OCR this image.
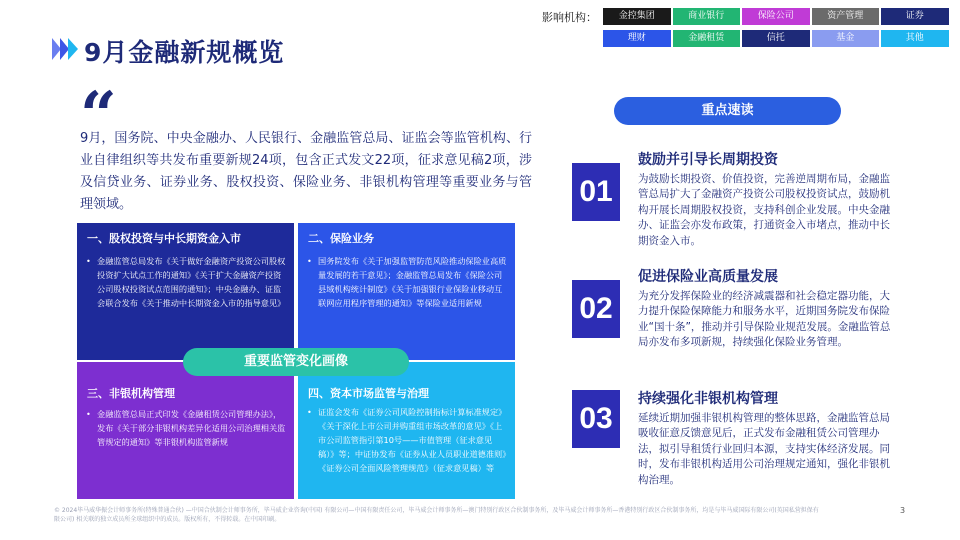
9月金融新规概览
影响机构：	金控集团	商业银行	保险公司	资产管理	证券
理财	金融租赁	信托	基金	其他
“
9月，国务院、中央金融办、人民银行、金融监管总局、证监会等监管机构、行业自律组织等共发布重要新规24项，包含正式发文22项，征求意见稿2项，涉及信贷业务、证券业务、股权投资、保险业务、非银机构管理等重要业务与管理领域。
一、股权投资与中长期资金入市
• 金融监管总局发布《关于做好金融资产投资公司股权投资扩大试点工作的通知》《关于扩大金融资产投资公司股权投资试点范围的通知》；中央金融办、证监会联合发布《关于推动中长期资金入市的指导意见》
二、保险业务
• 国务院发布《关于加强监管防范风险推动保险业高质量发展的若干意见》；金融监管总局发布《保险公司县域机构统计制度》《关于加强银行业保险业移动互联网应用程序管理的通知》等保险业适用新规
三、非银机构管理
• 金融监管总局正式印发《金融租赁公司管理办法》，发布《关于部分非银机构差异化适用公司治理相关监管规定的通知》等非银机构监管新规
四、资本市场监管与治理
• 证监会发布《证券公司风险控制指标计算标准规定》《关于深化上市公司并购重组市场改革的意见》《上市公司监管指引第10号——市值管理（征求意见稿）》等；中证协发布《证券从业人员职业道德准则》《证券公司全面风险管理规范》（征求意见稿）等
重要监管变化画像
重点速读
01
鼓励并引导长周期投资
为鼓励长期投资、价值投资，完善逆周期布局，金融监管总局扩大了金融资产投资公司股权投资试点，鼓励机构开展长周期股权投资，支持科创企业发展。中央金融办、证监会亦发布政策，打通资金入市堵点，推动中长期资金入市。
02
促进保险业高质量发展
为充分发挥保险业的经济减震器和社会稳定器功能，大力提升保险保障能力和服务水平，近期国务院发布保险业“国十条”，推动并引导保险业规范发展。金融监管总局亦发布多项新规，持续强化保险业务管理。
03
持续强化非银机构管理
延续近期加强非银机构管理的整体思路，金融监管总局吸收征意反馈意见后，正式发布金融租赁公司管理办法，拟引导租赁行业回归本源，支持实体经济发展。同时，发布非银机构适用公司治理规定通知，强化非银机构治理。
© 2024毕马威华振会计师事务所(特殊普通合伙) —中国合伙制会计师事务所，毕马威企业咨询(中国) 有限公司—中国有限责任公司，毕马威会计师事务所—澳门特别行政区合伙制事务所，及毕马威会计师事务所—香港特别行政区合伙制事务所，均是与毕马威国际有限公司(英国私营担保有限公司) 相关联的独立成员所全球组织中的成员。版权所有，不得转载。在中国印刷。
3
